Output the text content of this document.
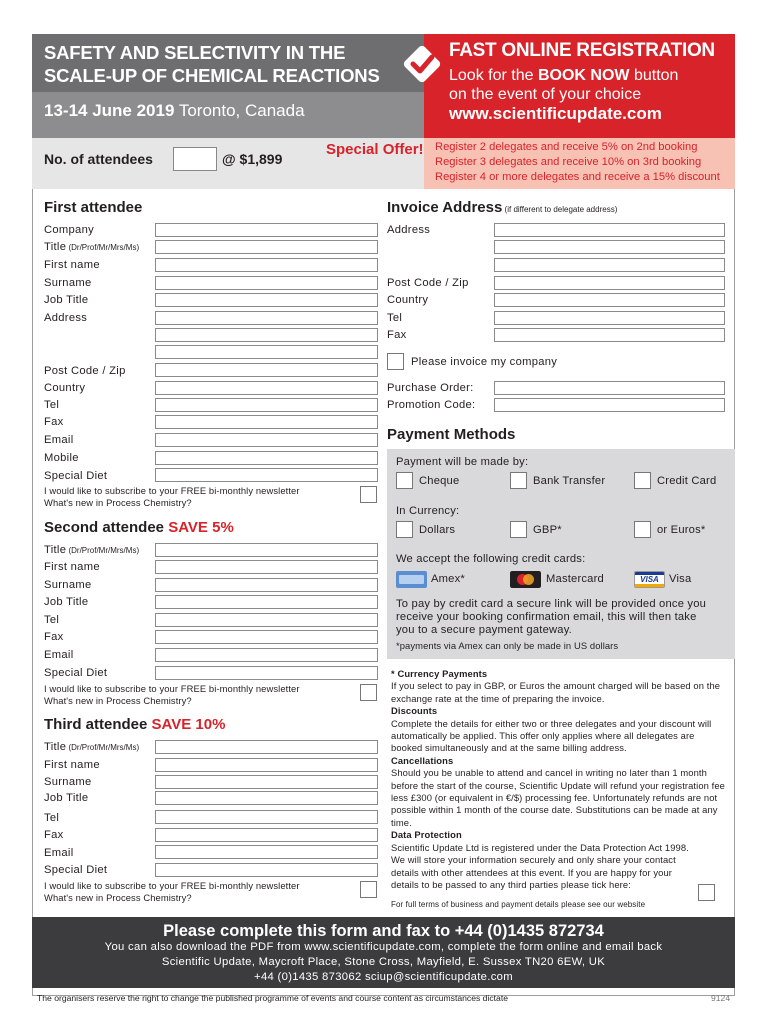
SAFETY AND SELECTIVITY IN THE
SCALE-UP OF CHEMICAL REACTIONS
13-14 June 2019 Toronto, Canada
FAST ONLINE REGISTRATION
Look for the BOOK NOW button
on the event of your choice
www.scientificupdate.com
No. of attendees	@ $1,899
Special Offer! Register 2 delegates and receive 5% on 2nd booking
Register 3 delegates and receive 10% on 3rd booking
Register 4 or more delegates and receive a 15% discount
First attendee
Company
Title (Dr/Prof/Mr/Mrs/Ms)
First name
Surname
Job Title
Address
Post Code / Zip
Country
Tel
Fax
Email
Mobile
Special Diet
I would like to subscribe to your FREE bi-monthly newsletter
What's new in Process Chemistry?
Second attendee SAVE 5%
Title (Dr/Prof/Mr/Mrs/Ms)
First name
Surname
Job Title
Tel
Fax
Email
Special Diet
I would like to subscribe to your FREE bi-monthly newsletter
What's new in Process Chemistry?
Third attendee SAVE 10%
Title (Dr/Prof/Mr/Mrs/Ms)
First name
Surname
Job Title
Tel
Fax
Email
Special Diet
I would like to subscribe to your FREE bi-monthly newsletter
What's new in Process Chemistry?
Invoice Address (if different to delegate address)
Address
Post Code / Zip
Country
Tel
Fax
Please invoice my company
Purchase Order:
Promotion Code:
Payment Methods
Payment will be made by:
Cheque	Bank Transfer	Credit Card
In Currency:
Dollars	GBP*	or Euros*
We accept the following credit cards:
Amex*	Mastercard	VISA Visa
To pay by credit card a secure link will be provided once you
receive your booking confirmation email, this will then take
you to a secure payment gateway.
*payments via Amex can only be made in US dollars
* Currency Payments

If you select to pay in GBP, or Euros the amount charged will be based on the exchange rate at the time of preparing the invoice.

Discounts

Complete the details for either two or three delegates and your discount will automatically be applied. This offer only applies where all delegates are booked simultaneously and at the same billing address.

Cancellations

Should you be unable to attend and cancel in writing no later than 1 month before the start of the course, Scientific Update will refund your registration fee less £300 (or equivalent in €/$) processing fee. Unfortunately refunds are not possible within 1 month of the course date. Substitutions can be made at any time.

Data Protection

Scientific Update Ltd is registered under the Data Protection Act 1998. We will store your information securely and only share your contact details with other attendees at this event. If you are happy for your details to be passed to any third parties please tick here:

For full terms of business and payment details please see our website
Please complete this form and fax to +44 (0)1435 872734
You can also download the PDF from www.scientificupdate.com, complete the form online and email back
Scientific Update, Maycroft Place, Stone Cross, Mayfield, E. Sussex TN20 6EW, UK
+44 (0)1435 873062 sciup@scientificupdate.com
The organisers reserve the right to change the published programme of events and course content as circumstances dictate	9124
